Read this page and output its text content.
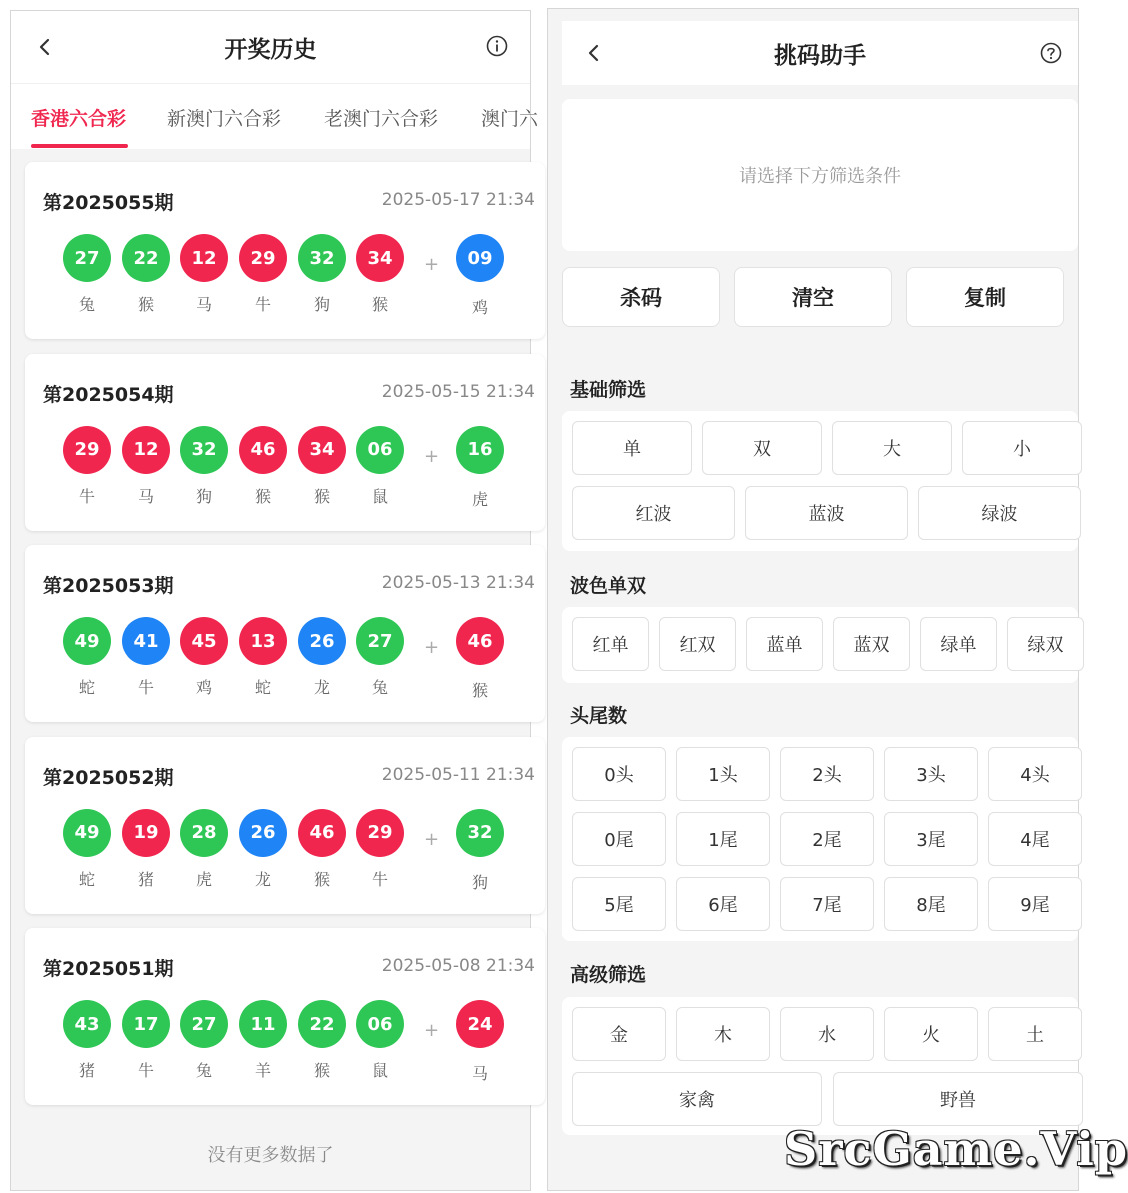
开奖历史
香港六合彩 新澳门六合彩 老澳门六合彩 澳门六
第2025055期	2025-05-17 21:34
27
兔
22
猴
12
马
29
牛
32
狗
34
猴
+	09
鸡
第2025054期	2025-05-15 21:34
29
牛
12
马
32
狗
46
猴
34
猴
06
鼠
+	16
虎
第2025053期	2025-05-13 21:34
49
蛇
41
牛
45
鸡
13
蛇
26
龙
27
兔
+	46
猴
第2025052期	2025-05-11 21:34
49
蛇
19
猪
28
虎
26
龙
46
猴
29
牛
+	32
狗
第2025051期	2025-05-08 21:34
43
猪
17
牛
27
兔
11
羊
22
猴
06
鼠
+	24
马
没有更多数据了
挑码助手
请选择下方筛选条件
杀码	清空	复制
基础筛选
波色单双
头尾数
高级筛选
单	双	大	小
红波	蓝波	绿波
红单	红双	蓝单	蓝双	绿单	绿双
0头	1头	2头	3头	4头
0尾	1尾	2尾	3尾	4尾
5尾	6尾	7尾	8尾	9尾
金	木	水	火	土
家禽	野兽
SrcGame.Vip
